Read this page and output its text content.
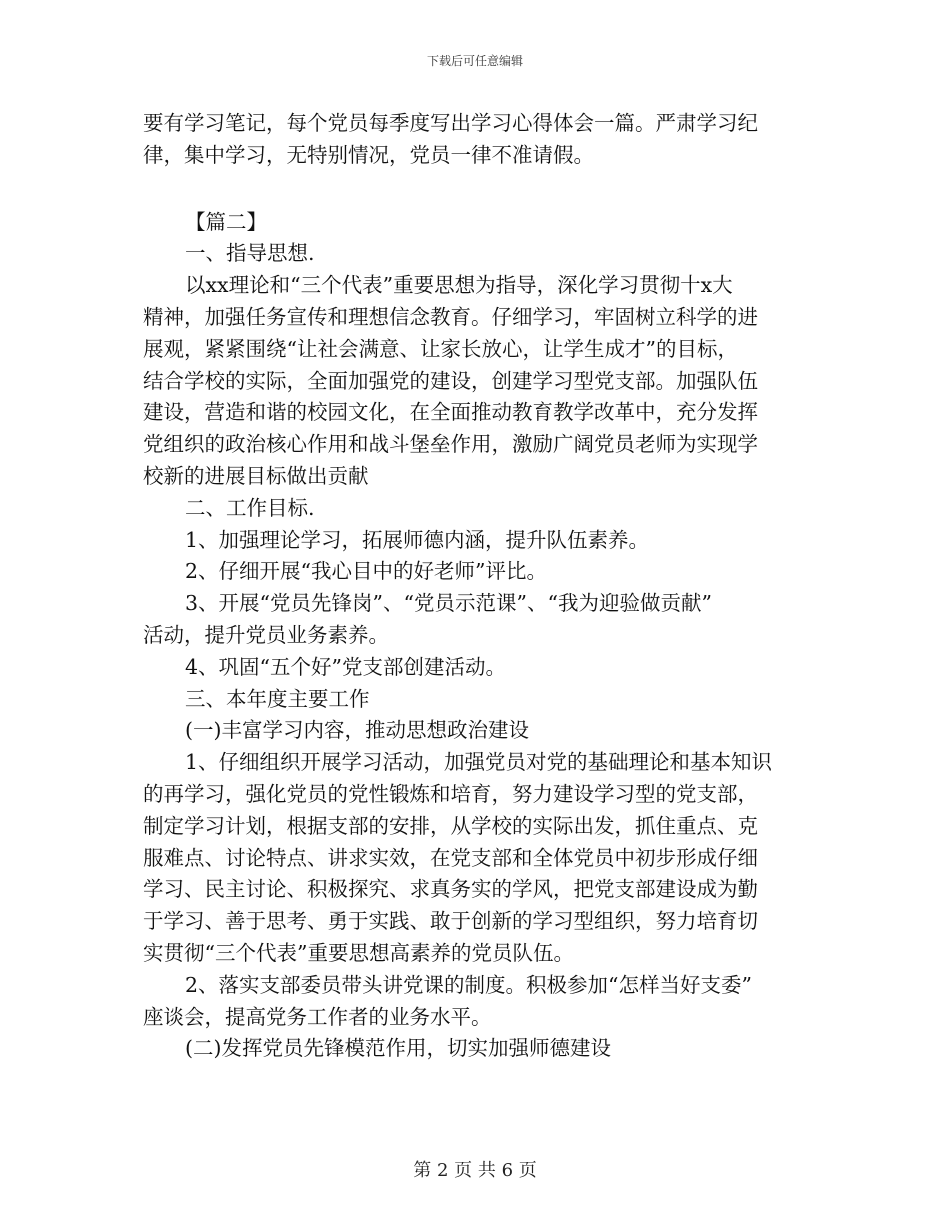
下载后可任意编辑
要有学习笔记，每个党员每季度写出学习心得体会一篇。严肃学习纪
律，集中学习，无特别情况，党员一律不准请假。
【篇二】
一、指导思想.
以xx理论和“三个代表”重要思想为指导，深化学习贯彻十x大
精神，加强任务宣传和理想信念教育。仔细学习，牢固树立科学的进
展观，紧紧围绕“让社会满意、让家长放心，让学生成才”的目标，
结合学校的实际，全面加强党的建设，创建学习型党支部。加强队伍
建设，营造和谐的校园文化，在全面推动教育教学改革中，充分发挥
党组织的政治核心作用和战斗堡垒作用，激励广阔党员老师为实现学
校新的进展目标做出贡献
二、工作目标.
1、加强理论学习，拓展师德内涵，提升队伍素养。
2、仔细开展“我心目中的好老师”评比。
3、开展“党员先锋岗”、“党员示范课”、“我为迎验做贡献”
活动，提升党员业务素养。
4、巩固“五个好”党支部创建活动。
三、本年度主要工作
(一)丰富学习内容，推动思想政治建设
1、仔细组织开展学习活动，加强党员对党的基础理论和基本知识
的再学习，强化党员的党性锻炼和培育，努力建设学习型的党支部，
制定学习计划，根据支部的安排，从学校的实际出发，抓住重点、克
服难点、讨论特点、讲求实效，在党支部和全体党员中初步形成仔细
学习、民主讨论、积极探究、求真务实的学风，把党支部建设成为勤
于学习、善于思考、勇于实践、敢于创新的学习型组织，努力培育切
实贯彻“三个代表”重要思想高素养的党员队伍。
2、落实支部委员带头讲党课的制度。积极参加“怎样当好支委”
座谈会，提高党务工作者的业务水平。
(二)发挥党员先锋模范作用，切实加强师德建设
第 2 页 共 6 页
